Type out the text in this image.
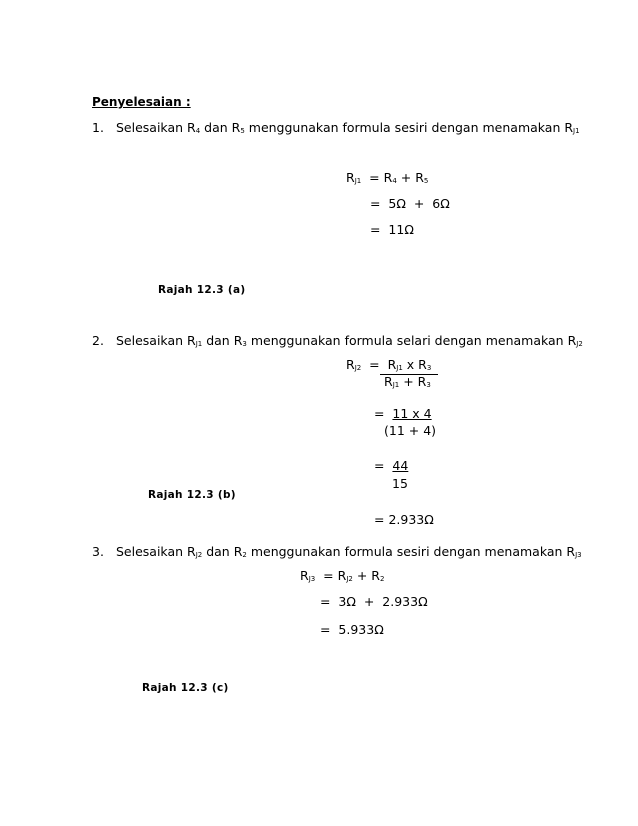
Penyelesaian :
1. Selesaikan $R_4$ dan $R_5$ menggunakan formula sesiri dengan menamakan $R_{J1}$
$R_{J1} = R_4 + R_5$
=  5Ω  +  6Ω
=  11Ω
Rajah 12.3 (a)
2. Selesaikan $R_{J1}$ dan $R_3$ menggunakan formula selari dengan menamakan $R_{J2}$
$R_{J2} = R_{J1}$ x $R_3$
$R_{J1} + R_3$
=  11 x 4
(11 + 4)
=  44
15
Rajah 12.3 (b)
= 2.933Ω
3. Selesaikan $R_{J2}$ dan $R_2$ menggunakan formula sesiri dengan menamakan $R_{J3}$
$R_{J3} = R_{J2} + R_2$
=  3Ω  +  2.933Ω
=  5.933Ω
Rajah 12.3 (c)
